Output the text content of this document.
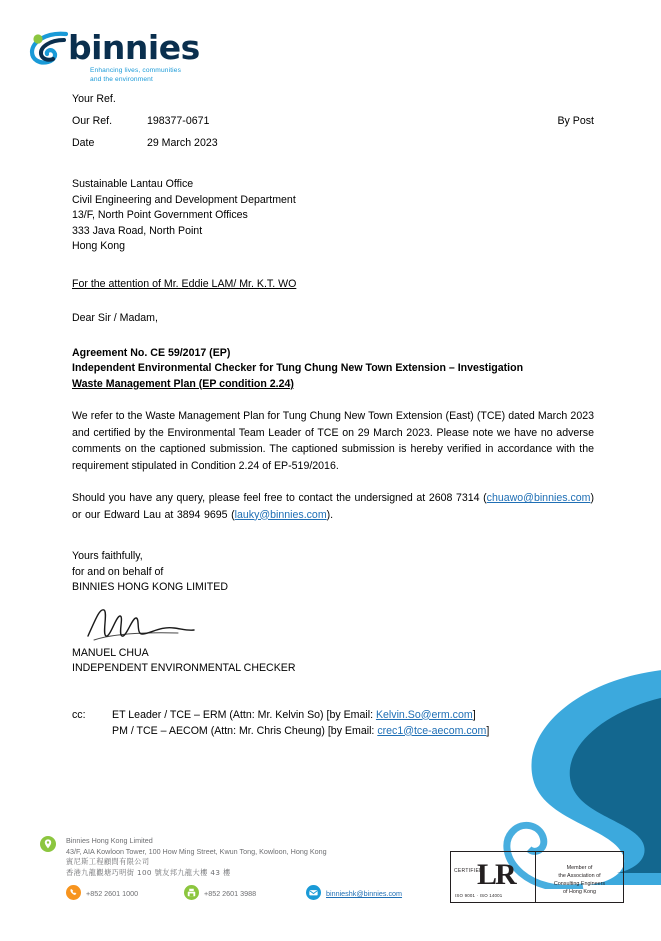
binnies
Enhancing lives, communities
and the environment
Your Ref.
Our Ref.	198377-0671
Date	29 March 2023
By Post
Sustainable Lantau Office
Civil Engineering and Development Department
13/F, North Point Government Offices
333 Java Road, North Point
Hong Kong
For the attention of Mr. Eddie LAM/ Mr. K.T. WO
Dear Sir / Madam,
Agreement No. CE 59/2017 (EP)
Independent Environmental Checker for Tung Chung New Town Extension – Investigation
Waste Management Plan (EP condition 2.24)
We refer to the Waste Management Plan for Tung Chung New Town Extension (East) (TCE) dated March 2023 and certified by the Environmental Team Leader of TCE on 29 March 2023. Please note we have no adverse comments on the captioned submission. The captioned submission is hereby verified in accordance with the requirement stipulated in Condition 2.24 of EP-519/2016.
Should you have any query, please feel free to contact the undersigned at 2608 7314 (chuawo@binnies.com) or our Edward Lau at 3894 9695 (lauky@binnies.com).
Yours faithfully,
for and on behalf of
BINNIES HONG KONG LIMITED
MANUEL CHUA
INDEPENDENT ENVIRONMENTAL CHECKER
cc: ET Leader / TCE – ERM (Attn: Mr. Kelvin So) [by Email: Kelvin.So@erm.com]
PM / TCE – AECOM (Attn: Mr. Chris Cheung) [by Email: crec1@tce-aecom.com]
Binnies Hong Kong Limited
43/F, AIA Kowloon Tower, 100 How Ming Street, Kwun Tong, Kowloon, Hong Kong
賓尼斯工程顧問有限公司
香港九龍觀塘巧明街 100 號友邦九龍大樓 43 樓
+852 2601 1000	+852 2601 3988	binnieshk@binnies.com
CERTIFIED
LR
ISO 9001 · ISO 14001
Member of
the Association of
Consulting Engineers
of Hong Kong
